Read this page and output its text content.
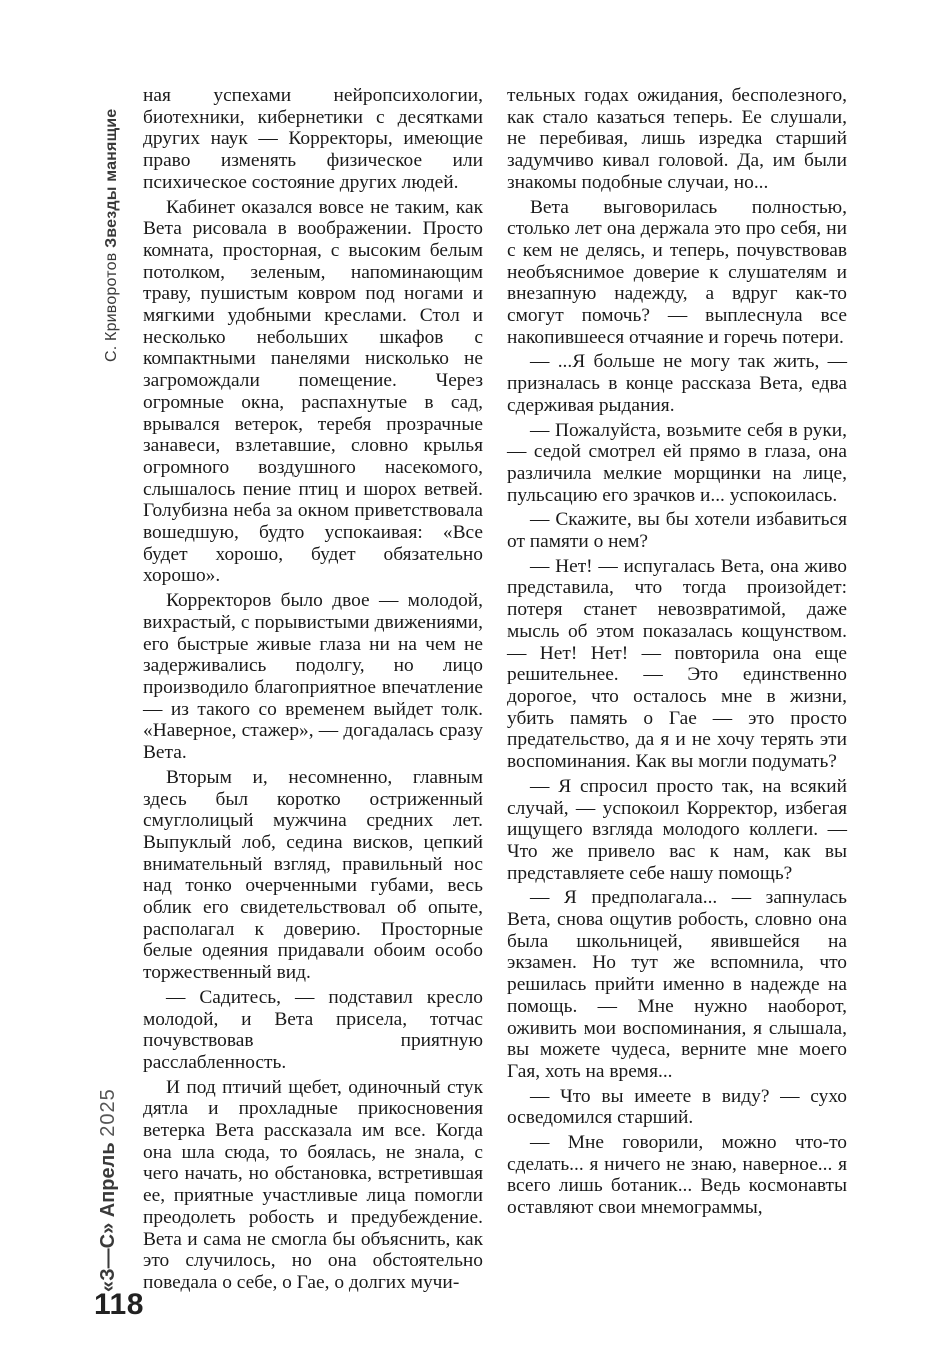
С. Криворотов Звезды манящие
«З—С» Апрель 2025
118

ная успехами нейропсихологии, биотехники, кибернетики с десятками других наук — Корректоры, имеющие право изменять физическое или психическое состояние других людей.

Кабинет оказался вовсе не таким, как Вета рисовала в воображении. Просто комната, просторная, с высоким белым потолком, зеленым, напоминающим траву, пушистым ковром под ногами и мягкими удобными креслами. Стол и несколько небольших шкафов с компактными панелями нисколько не загромождали помещение. Через огромные окна, распахнутые в сад, врывался ветерок, теребя прозрачные занавеси, взлетавшие, словно крылья огромного воздушного насекомого, слышалось пение птиц и шорох ветвей. Голубизна неба за окном приветствовала вошедшую, будто успокаивая: «Все будет хорошо, будет обязательно хорошо».

Корректоров было двое — молодой, вихрастый, с порывистыми движениями, его быстрые живые глаза ни на чем не задерживались подолгу, но лицо производило благоприятное впечатление — из такого со временем выйдет толк. «Наверное, стажер», — догадалась сразу Вета.

Вторым и, несомненно, главным здесь был коротко остриженный смуглолицый мужчина средних лет. Выпуклый лоб, седина висков, цепкий внимательный взгляд, правильный нос над тонко очерченными губами, весь облик его свидетельствовал об опыте, располагал к доверию. Просторные белые одеяния придавали обоим особо торжественный вид.

— Садитесь, — подставил кресло молодой, и Вета присела, тотчас почувствовав приятную расслабленность.

И под птичий щебет, одиночный стук дятла и прохладные прикосновения ветерка Вета рассказала им все. Когда она шла сюда, то боялась, не знала, с чего начать, но обстановка, встретившая ее, приятные участливые лица помогли преодолеть робость и предубеждение. Вета и сама не смогла бы объяснить, как это случилось, но она обстоятельно поведала о себе, о Гае, о долгих мучи-

тельных годах ожидания, бесполезного, как стало казаться теперь. Ее слушали, не перебивая, лишь изредка старший задумчиво кивал головой. Да, им были знакомы подобные случаи, но...

Вета выговорилась полностью, столько лет она держала это про себя, ни с кем не делясь, и теперь, почувствовав необъяснимое доверие к слушателям и внезапную надежду, а вдруг как-то смогут помочь? — выплеснула все накопившееся отчаяние и горечь потери.

— ...Я больше не могу так жить, — призналась в конце рассказа Вета, едва сдерживая рыдания.

— Пожалуйста, возьмите себя в руки, — седой смотрел ей прямо в глаза, она различила мелкие морщинки на лице, пульсацию его зрачков и... успокоилась.

— Скажите, вы бы хотели избавиться от памяти о нем?

— Нет! — испугалась Вета, она живо представила, что тогда произойдет: потеря станет невозвратимой, даже мысль об этом показалась кощунством. — Нет! Нет! — повторила она еще решительнее. — Это единственно дорогое, что осталось мне в жизни, убить память о Гае — это просто предательство, да я и не хочу терять эти воспоминания. Как вы могли подумать?

— Я спросил просто так, на всякий случай, — успокоил Корректор, избегая ищущего взгляда молодого коллеги. — Что же привело вас к нам, как вы представляете себе нашу помощь?

— Я предполагала... — запнулась Вета, снова ощутив робость, словно она была школьницей, явившейся на экзамен. Но тут же вспомнила, что решилась прийти именно в надежде на помощь. — Мне нужно наоборот, оживить мои воспоминания, я слышала, вы можете чудеса, верните мне моего Гая, хоть на время...

— Что вы имеете в виду? — сухо осведомился старший.

— Мне говорили, можно что-то сделать... я ничего не знаю, наверное... я всего лишь ботаник... Ведь космонавты оставляют свои мнемограммы,
